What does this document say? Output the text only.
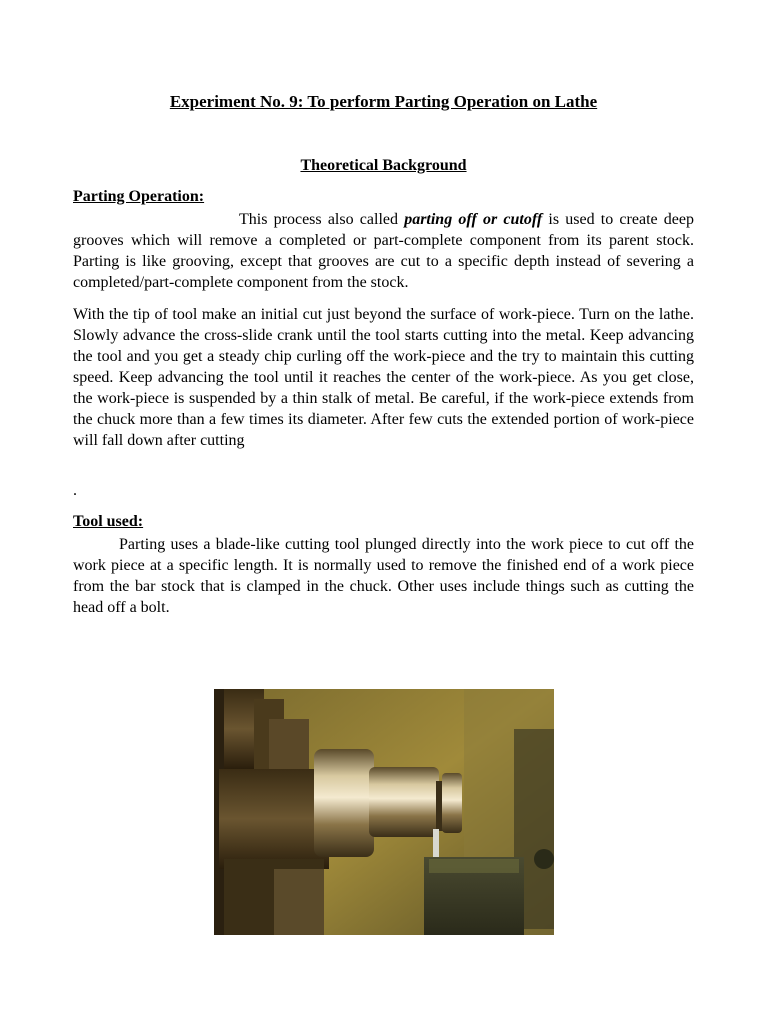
Experiment No. 9: To perform Parting Operation on Lathe

Theoretical Background

Parting Operation:

This process also called parting off or cutoff is used to create deep grooves which will remove a completed or part-complete component from its parent stock. Parting is like grooving, except that grooves are cut to a specific depth instead of severing a completed/part-complete component from the stock.

With the tip of tool make an initial cut just beyond the surface of work-piece. Turn on the lathe. Slowly advance the cross-slide crank until the tool starts cutting into the metal. Keep advancing the tool and you get a steady chip curling off the work-piece and the try to maintain this cutting speed. Keep advancing the tool until it reaches the center of the work-piece. As you get close, the work-piece is suspended by a thin stalk of metal. Be careful, if the work-piece extends from the chuck more than a few times its diameter. After few cuts the extended portion of work-piece will fall down after cutting

.

Tool used:

Parting uses a blade-like cutting tool plunged directly into the work piece to cut off the work piece at a specific length. It is normally used to remove the finished end of a work piece from the bar stock that is clamped in the chuck. Other uses include things such as cutting the head off a bolt.
